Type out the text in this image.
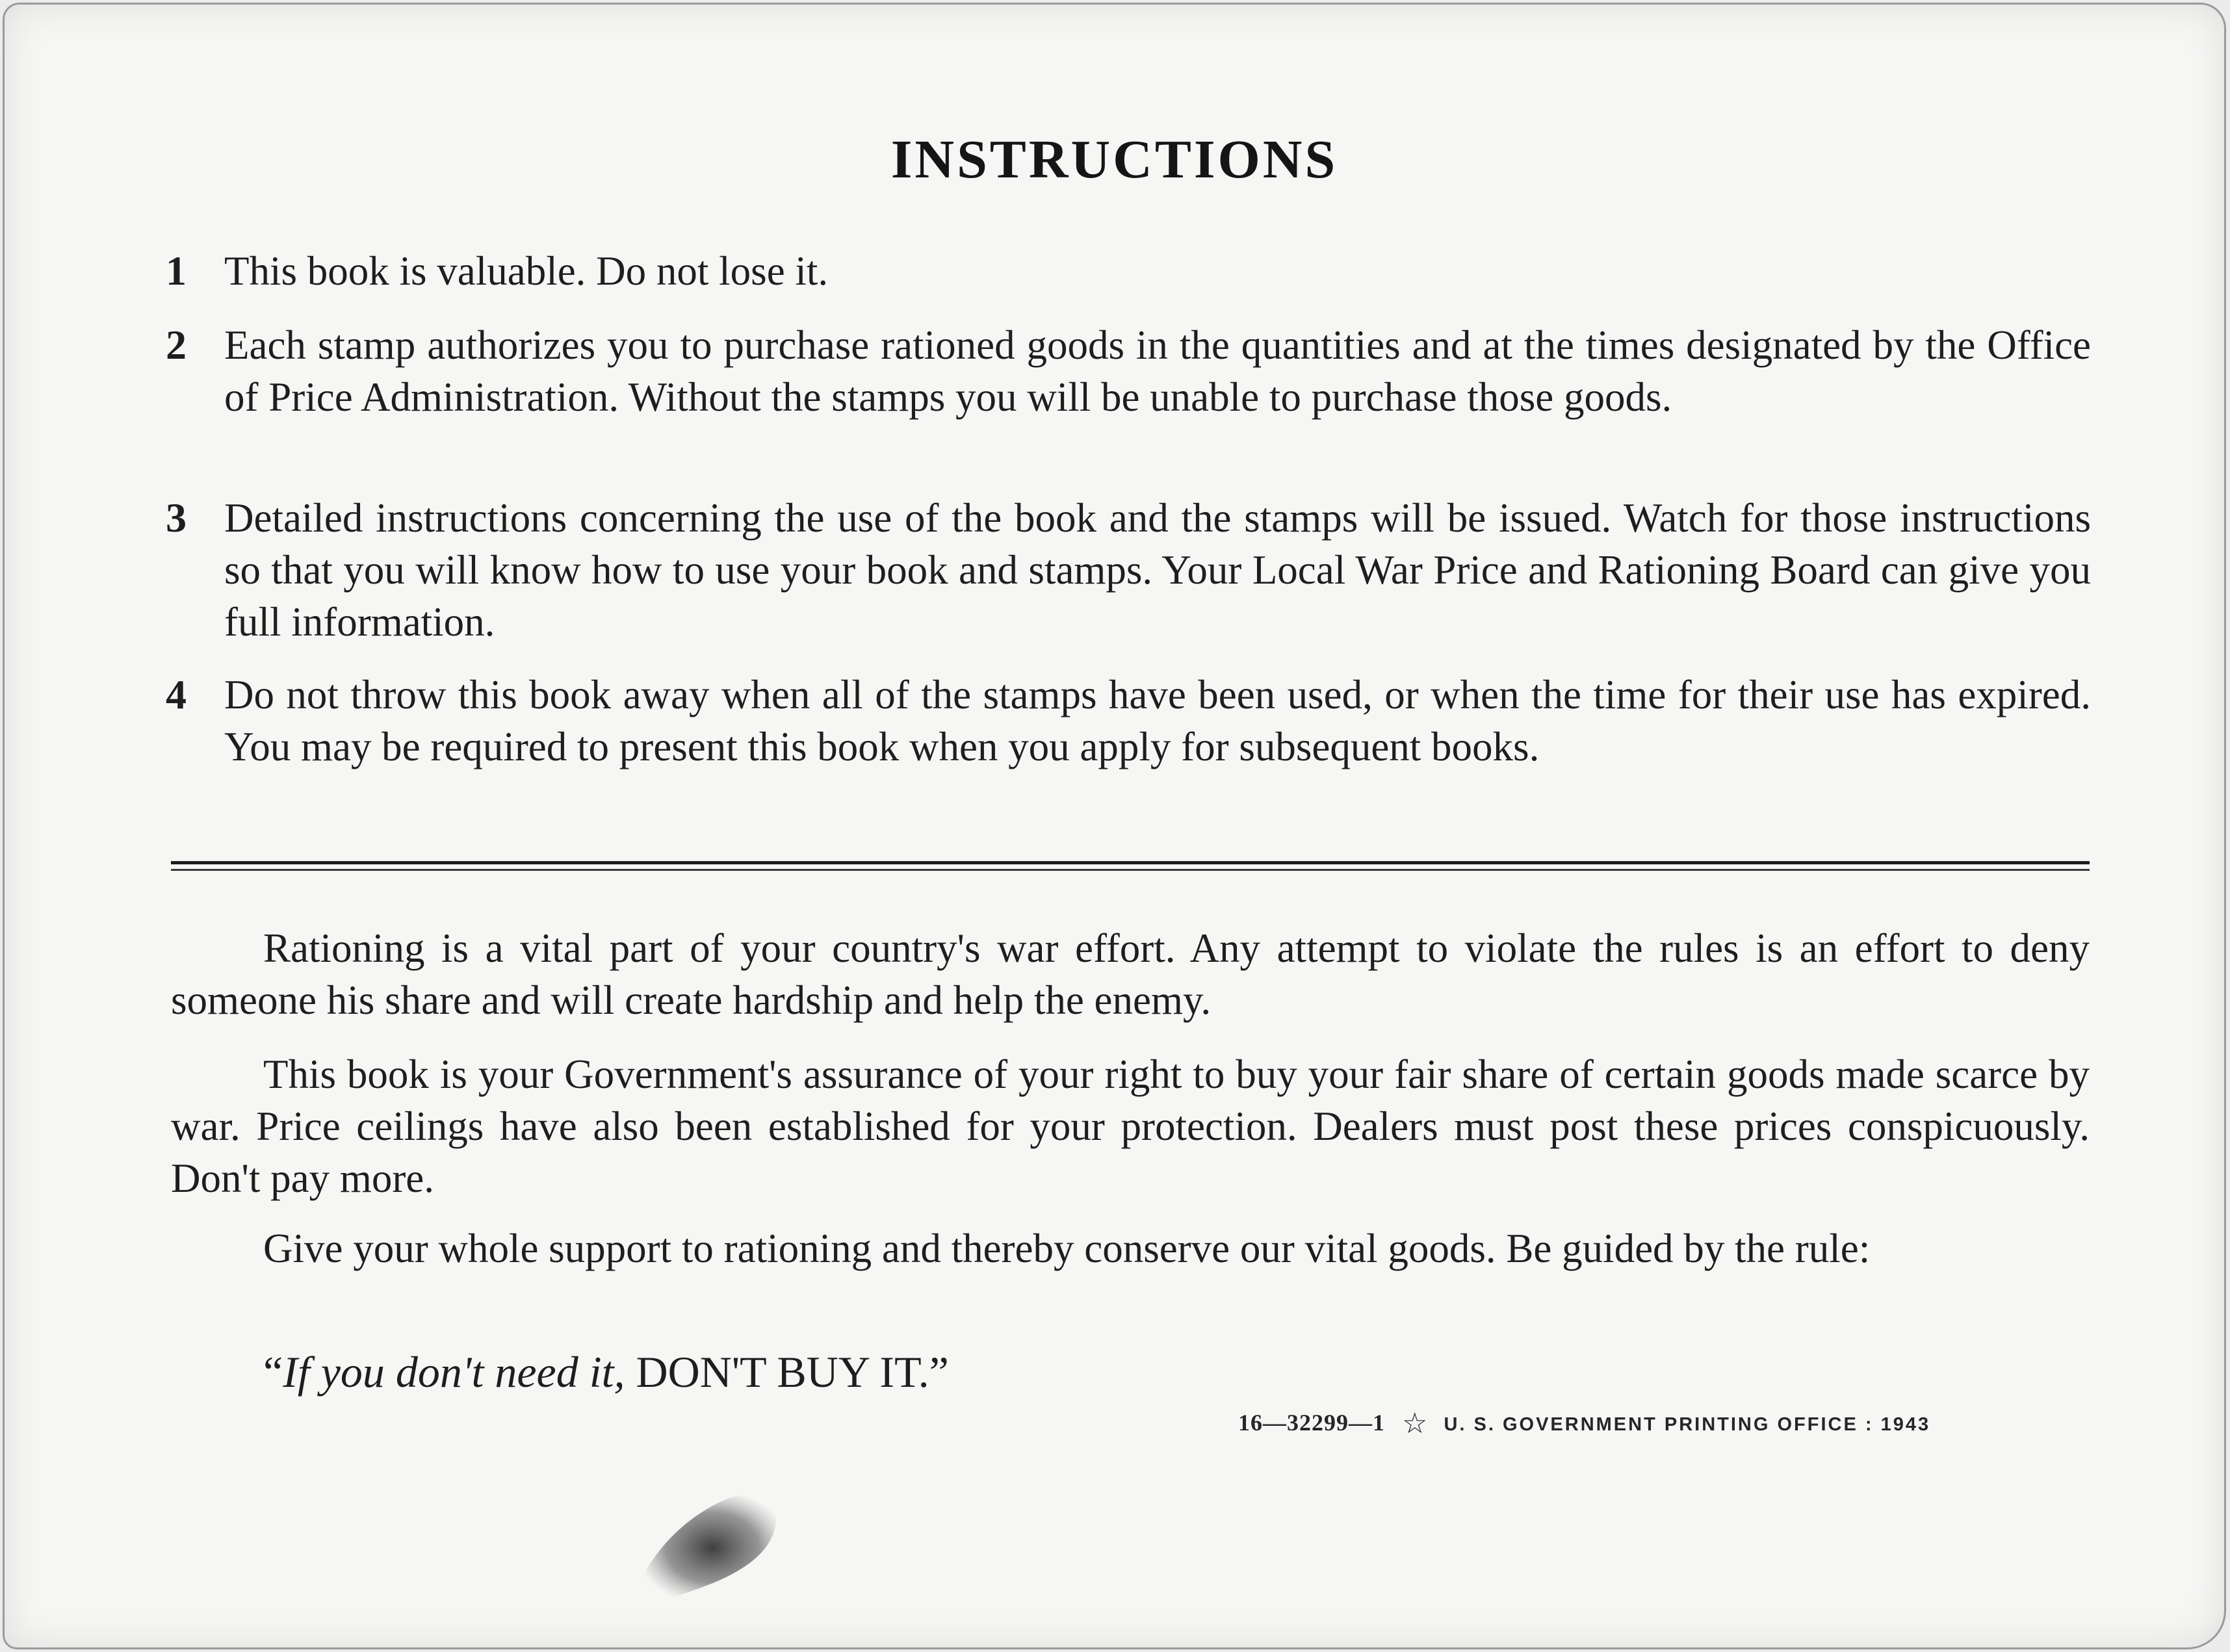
INSTRUCTIONS
1 This book is valuable. Do not lose it.
2 Each stamp authorizes you to purchase rationed goods in the quantities and at the times designated by the Office of Price Administration. Without the stamps you will be unable to purchase those goods.
3 Detailed instructions concerning the use of the book and the stamps will be issued. Watch for those instructions so that you will know how to use your book and stamps. Your Local War Price and Rationing Board can give you full information.
4 Do not throw this book away when all of the stamps have been used, or when the time for their use has expired. You may be required to present this book when you apply for subsequent books.
Rationing is a vital part of your country's war effort. Any attempt to violate the rules is an effort to deny someone his share and will create hardship and help the enemy.
This book is your Government's assurance of your right to buy your fair share of certain goods made scarce by war. Price ceilings have also been established for your protection. Dealers must post these prices conspicuously. Don't pay more.
Give your whole support to rationing and thereby conserve our vital goods. Be guided by the rule:
“If you don't need it, DON'T BUY IT.”
16—32299—1 ☆ U. S. GOVERNMENT PRINTING OFFICE : 1943
